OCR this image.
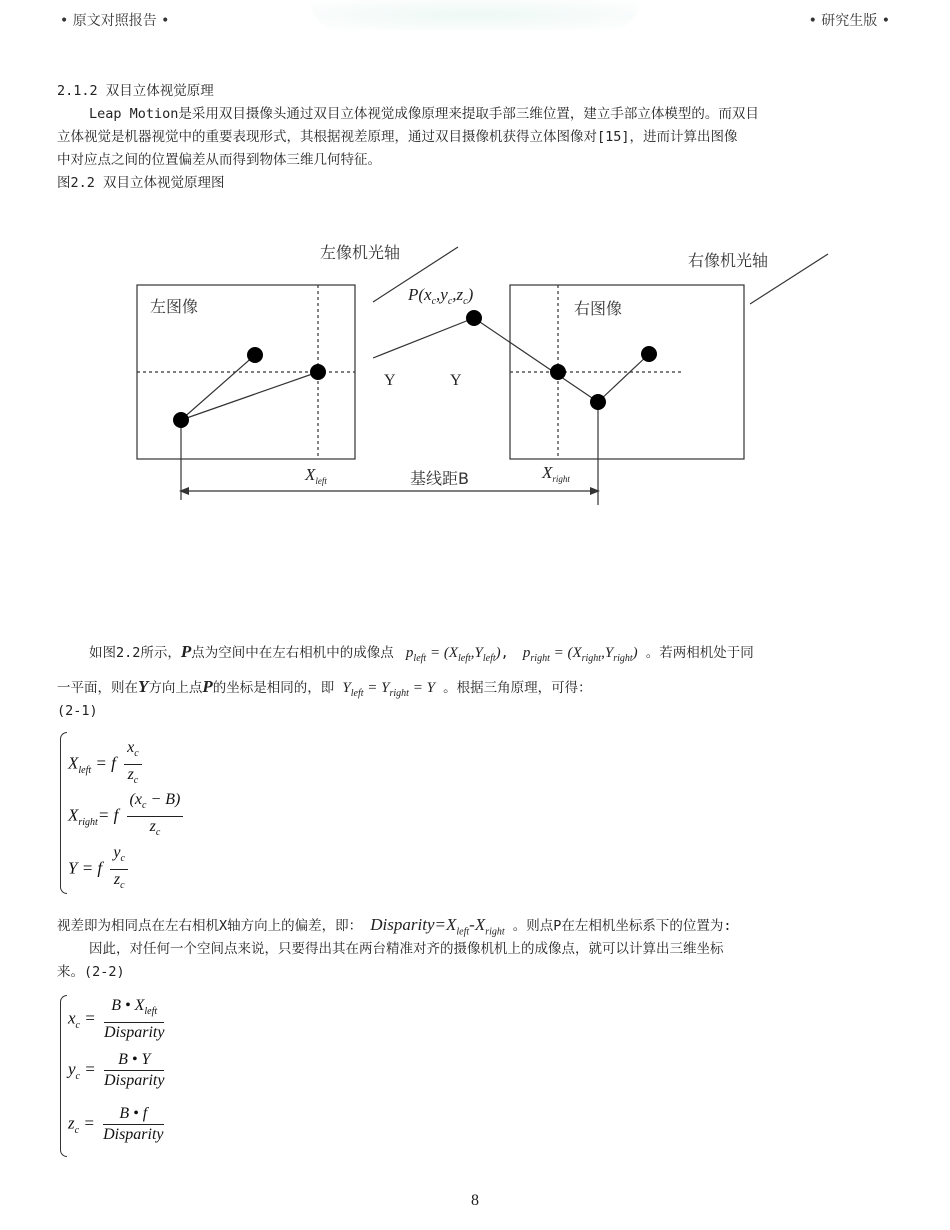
• 原文对照报告 •	• 研究生版 •
2.1.2 双目立体视觉原理
Leap Motion是采用双目摄像头通过双目立体视觉成像原理来提取手部三维位置，建立手部立体模型的。而双目
立体视觉是机器视觉中的重要表现形式，其根据视差原理，通过双目摄像机获得立体图像对[15]，进而计算出图像
中对应点之间的位置偏差从而得到物体三维几何特征。
图2.2 双目立体视觉原理图
左像机光轴	右像机光轴
左图像	右图像
基线距B
$P(x_c,y_c,z_c)$
Y	Y
$X_{left}$	$X_{right}$
如图2.2所示，P点为空间中在左右相机中的成像点 $p_{left} = (X_{left},Y_{left})$, $p_{right} = (X_{right},Y_{right})$ 。若两相机处于同
一平面，则在Y方向上点P的坐标是相同的，即 $Y_{left} = Y_{right} = Y$ 。根据三角原理，可得：
(2-1)
$X_{left} = f \frac{x_c}{z_c}$
$X_{right}= f \frac{(x_c - B)}{z_c}$
Y = f $\frac{y_c}{z_c}$
视差即为相同点在左右相机X轴方向上的偏差，即： $Disparity=X_{left}-X_{right}$ 。则点P在左相机坐标系下的位置为:
因此，对任何一个空间点来说，只要得出其在两台精准对齐的摄像机机上的成像点，就可以计算出三维坐标
来。(2-2)
$x_c = \frac{B • X_{left}}{\text{Disparity}}$
$y_c = \frac{B • Y}{\text{Disparity}}$
$z_c = \frac{B • f}{\text{Disparity}}$
8
